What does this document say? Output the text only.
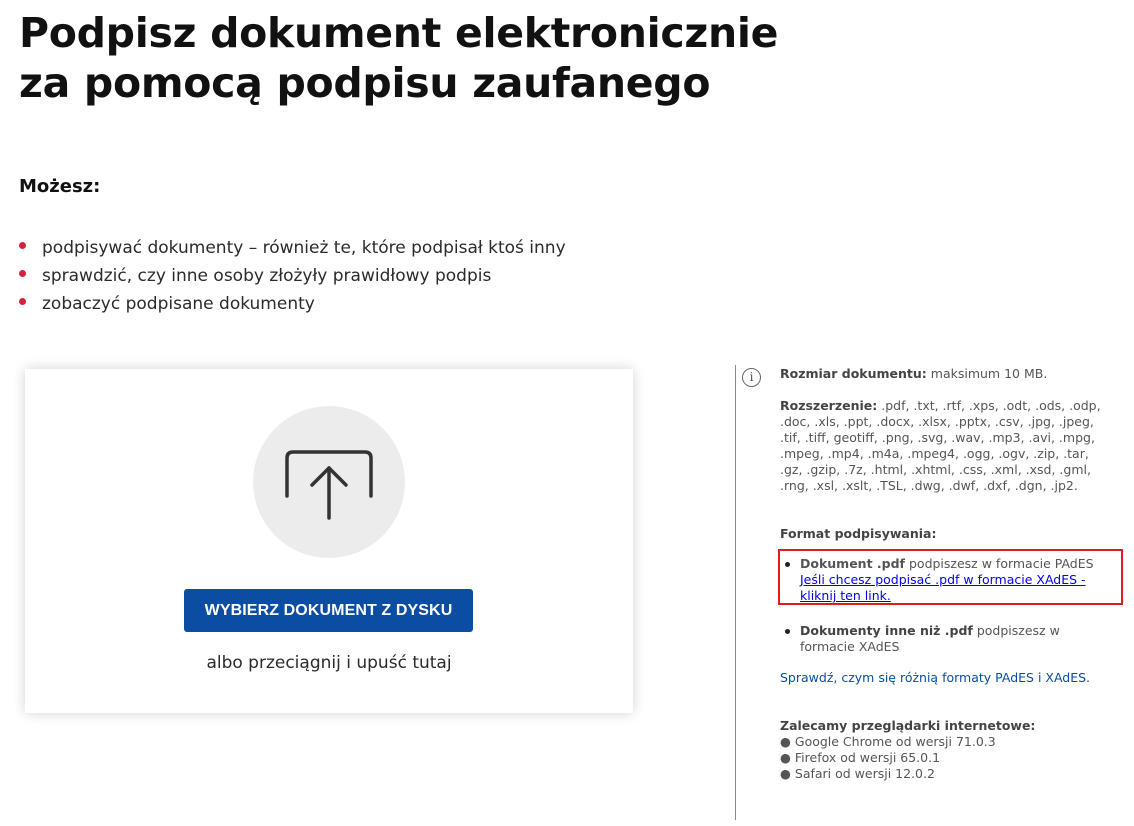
Podpisz dokument elektronicznie
za pomocą podpisu zaufanego
Możesz:
podpisywać dokumenty – również te, które podpisał ktoś inny
sprawdzić, czy inne osoby złożyły prawidłowy podpis
zobaczyć podpisane dokumenty
WYBIERZ DOKUMENT Z DYSKU
albo przeciągnij i upuść tutaj
i	Rozmiar dokumentu: maksimum 10 MB.
Rozszerzenie: .pdf, .txt, .rtf, .xps, .odt, .ods, .odp, .doc, .xls, .ppt, .docx, .xlsx, .pptx, .csv, .jpg, .jpeg, .tif, .tiff, geotiff, .png, .svg, .wav, .mp3, .avi, .mpg, .mpeg, .mp4, .m4a, .mpeg4, .ogg, .ogv, .zip, .tar, .gz, .gzip, .7z, .html, .xhtml, .css, .xml, .xsd, .gml, .rng, .xsl, .xslt, .TSL, .dwg, .dwf, .dxf, .dgn, .jp2.
Format podpisywania:
Dokument .pdf podpiszesz w formacie PAdES
Jeśli chcesz podpisać .pdf w formacie XAdES - kliknij ten link.
Dokumenty inne niż .pdf podpiszesz w formacie XAdES
Sprawdź, czym się różnią formaty PAdES i XAdES.
Zalecamy przeglądarki internetowe:
● Google Chrome od wersji 71.0.3
● Firefox od wersji 65.0.1
● Safari od wersji 12.0.2
